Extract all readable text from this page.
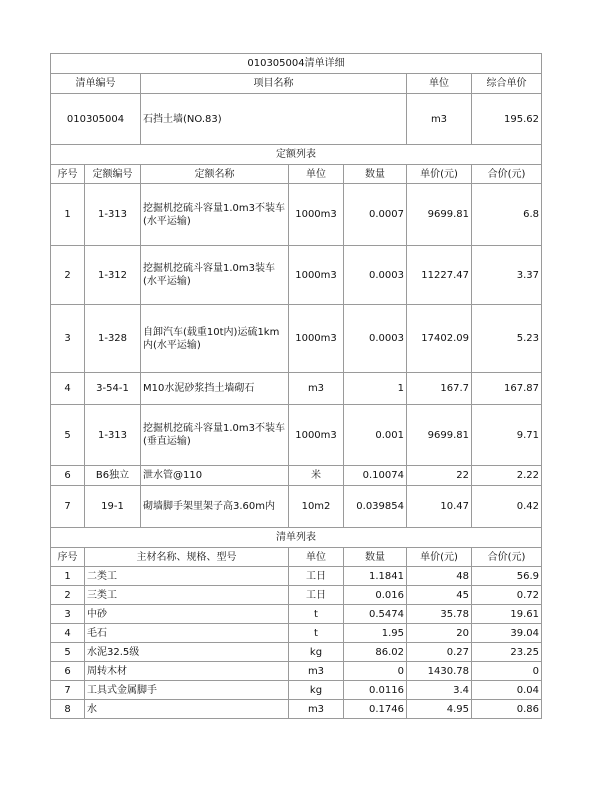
010305004清单详细						
清单编号		项目名称			单位	综合单价
010305004		石挡土墙(NO.83)			m3	195.62
定额列表						
序号	定额编号	定额名称	单位	数量	单价(元)	合价(元)
1	1-313	挖掘机挖硫斗容量1.0m3不装车(水平运输)	1000m3	0.0007	9699.81	6.8
2	1-312	挖掘机挖硫斗容量1.0m3装车(水平运输)	1000m3	0.0003	11227.47	3.37
3	1-328	自卸汽车(载重10t内)运硫1km内(水平运输)	1000m3	0.0003	17402.09	5.23
4	3-54-1	M10水泥砂浆挡土墙砌石	m3	1	167.7	167.87
5	1-313	挖掘机挖硫斗容量1.0m3不装车(垂直运输)	1000m3	0.001	9699.81	9.71
6	B6独立	泄水管@110	米	0.10074	22	2.22
7	19-1	砌墙脚手架里架子高3.60m内	10m2	0.039854	10.47	0.42
清单列表						
序号	主材名称、规格、型号		单位	数量	单价(元)	合价(元)
1	二类工		工日	1.1841	48	56.9
2	三类工		工日	0.016	45	0.72
3	中砂		t	0.5474	35.78	19.61
4	毛石		t	1.95	20	39.04
5	水泥32.5级		kg	86.02	0.27	23.25
6	周转木材		m3	0	1430.78	0
7	工具式金属脚手		kg	0.0116	3.4	0.04
8	水		m3	0.1746	4.95	0.86
